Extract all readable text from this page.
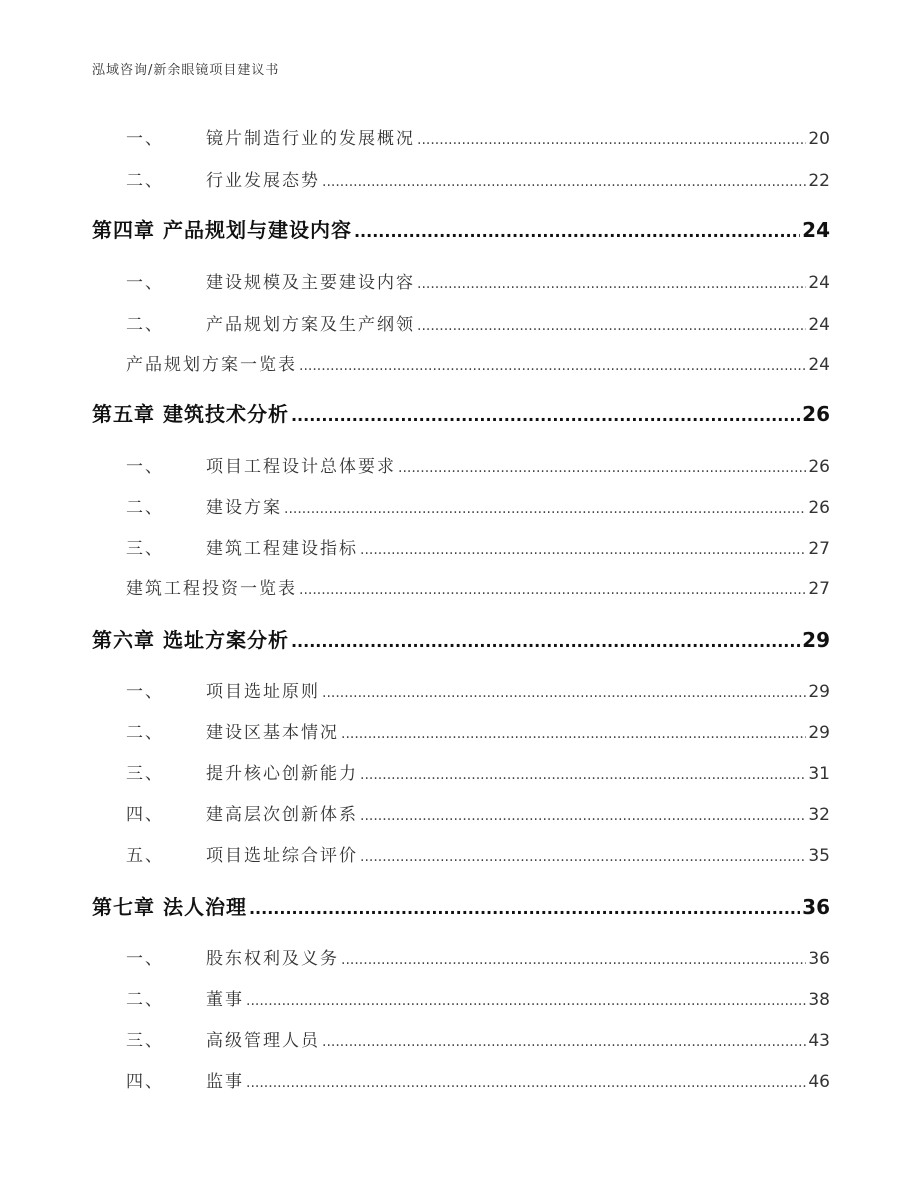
泓域咨询/新余眼镜项目建议书
一、 镜片制造行业的发展概况 .....	20
二、 行业发展态势 .....	22
第四章 产品规划与建设内容 .....	24
一、 建设规模及主要建设内容 .....	24
二、 产品规划方案及生产纲领 .....	24
产品规划方案一览表 .....	24
第五章 建筑技术分析 .....	26
一、 项目工程设计总体要求 .....	26
二、 建设方案 .....	26
三、 建筑工程建设指标 .....	27
建筑工程投资一览表 .....	27
第六章 选址方案分析 .....	29
一、 项目选址原则 .....	29
二、 建设区基本情况 .....	29
三、 提升核心创新能力 .....	31
四、 建高层次创新体系 .....	32
五、 项目选址综合评价 .....	35
第七章 法人治理 .....	36
一、 股东权利及义务 .....	36
二、 董事 .....	38
三、 高级管理人员 .....	43
四、 监事 .....	46
